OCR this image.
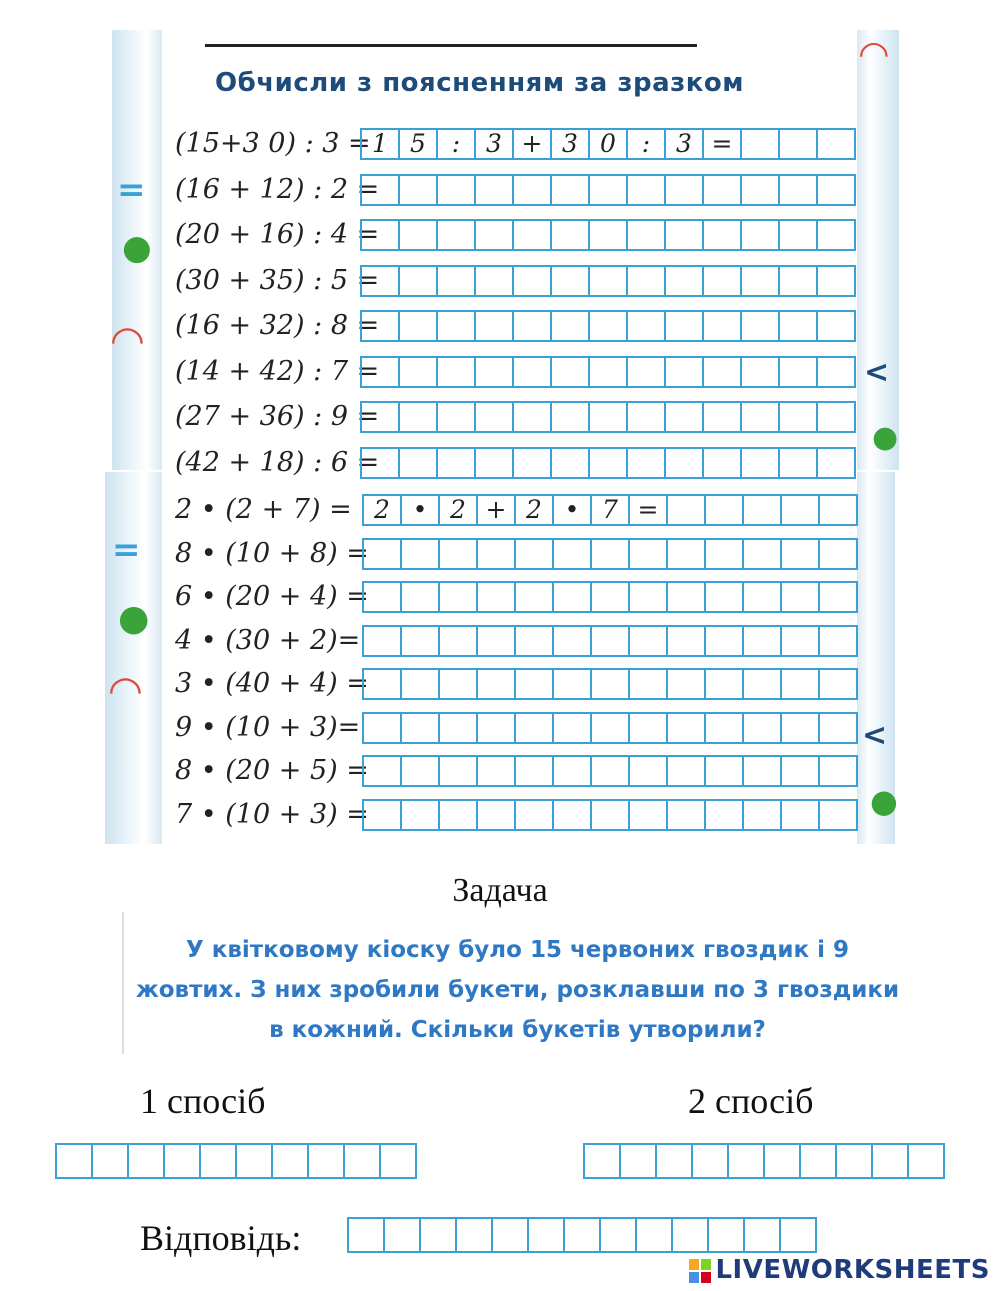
◠
◠
=
●
<
●
=
●
◠
<
●
Обчисли з поясненням за зразком
(15+3 0) : 3 = 1 5	:	3 + 3 0	:	3 =
(16 + 12) : 2 =
(20 + 16) : 4 =
(30 + 35) : 5 =
(16 + 32) : 8 =
(14 + 42) : 7 =
(27 + 36) : 9 =
(42 + 18) : 6 =
2 • (2 + 7) = 2 • 2 + 2 • 7 =
8 • (10 + 8) =
6 • (20 + 4) =
4 • (30 + 2)=
3 • (40 + 4) =
9 • (10 + 3)=
8 • (20 + 5) =
7 • (10 + 3) =
Задача
У квітковому кіоску було 15 червоних гвоздик і 9 жовтих. З них зробили букети, розклавши по 3 гвоздики в кожний. Скільки букетів утворили?
1 спосіб	2 спосіб
Відповідь:
LIVEWORKSHEETS
